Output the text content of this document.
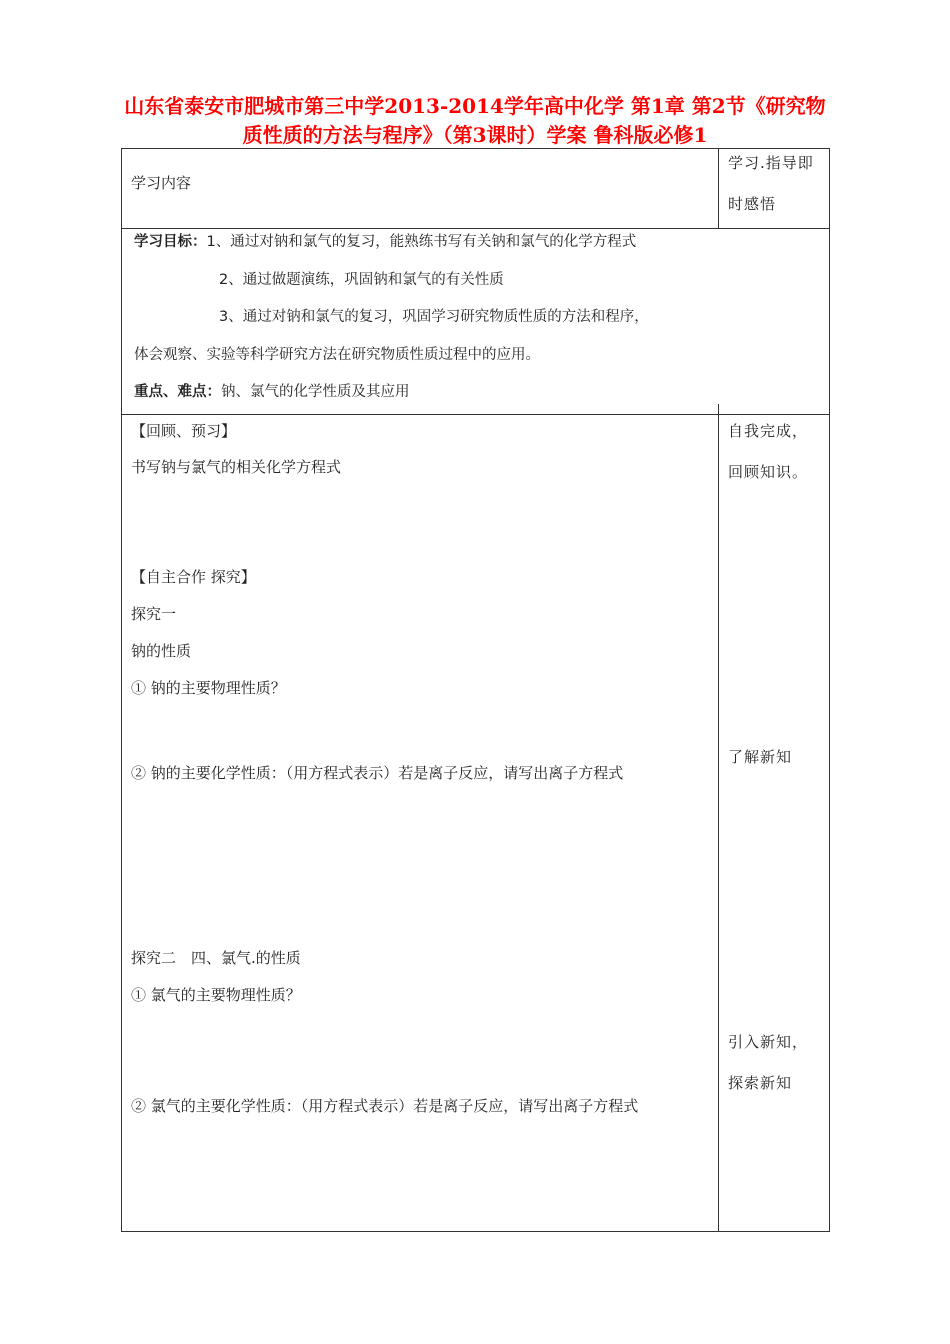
山东省泰安市肥城市第三中学2013-2014学年高中化学 第1章 第2节《研究物
质性质的方法与程序》（第3课时）学案 鲁科版必修1
学习内容
学习.指导即
时感悟
学习目标：1、通过对钠和氯气的复习，能熟练书写有关钠和氯气的化学方程式
2、通过做题演练，巩固钠和氯气的有关性质
3、通过对钠和氯气的复习，巩固学习研究物质性质的方法和程序，
体会观察、实验等科学研究方法在研究物质性质过程中的应用。
重点、难点：钠、氯气的化学性质及其应用
【回顾、预习】
书写钠与氯气的相关化学方程式
【自主合作 探究】
探究一
钠的性质
① 钠的主要物理性质？
② 钠的主要化学性质：（用方程式表示）若是离子反应，请写出离子方程式
探究二　四、氯气.的性质
① 氯气的主要物理性质？
② 氯气的主要化学性质：（用方程式表示）若是离子反应，请写出离子方程式
自我完成，
回顾知识。
了解新知
引入新知，
探索新知
